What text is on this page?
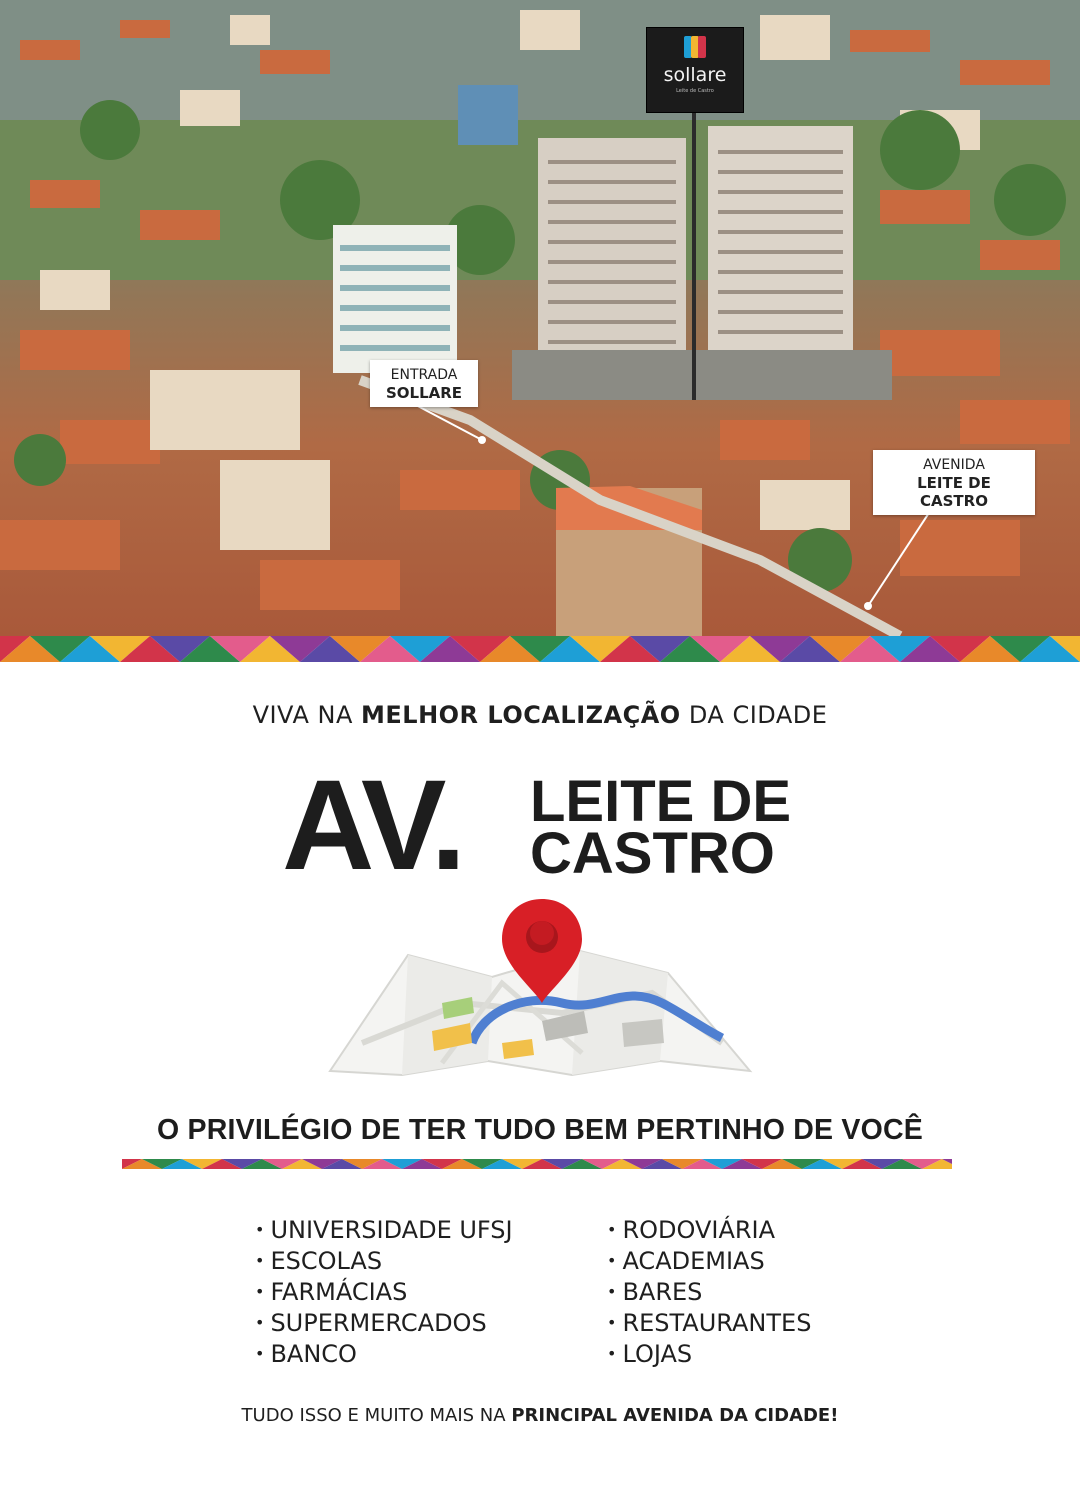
sollare
Leite de Castro
ENTRADA
SOLLARE
AVENIDA
LEITE DE CASTRO
VIVA NA MELHOR LOCALIZAÇÃO DA CIDADE
AV. LEITE DE
CASTRO
O PRIVILÉGIO DE TER TUDO BEM PERTINHO DE VOCÊ
• UNIVERSIDADE UFSJ
• ESCOLAS
• FARMÁCIAS
• SUPERMERCADOS
• BANCO
• RODOVIÁRIA
• ACADEMIAS
• BARES
• RESTAURANTES
• LOJAS
TUDO ISSO E MUITO MAIS NA PRINCIPAL AVENIDA DA CIDADE!
